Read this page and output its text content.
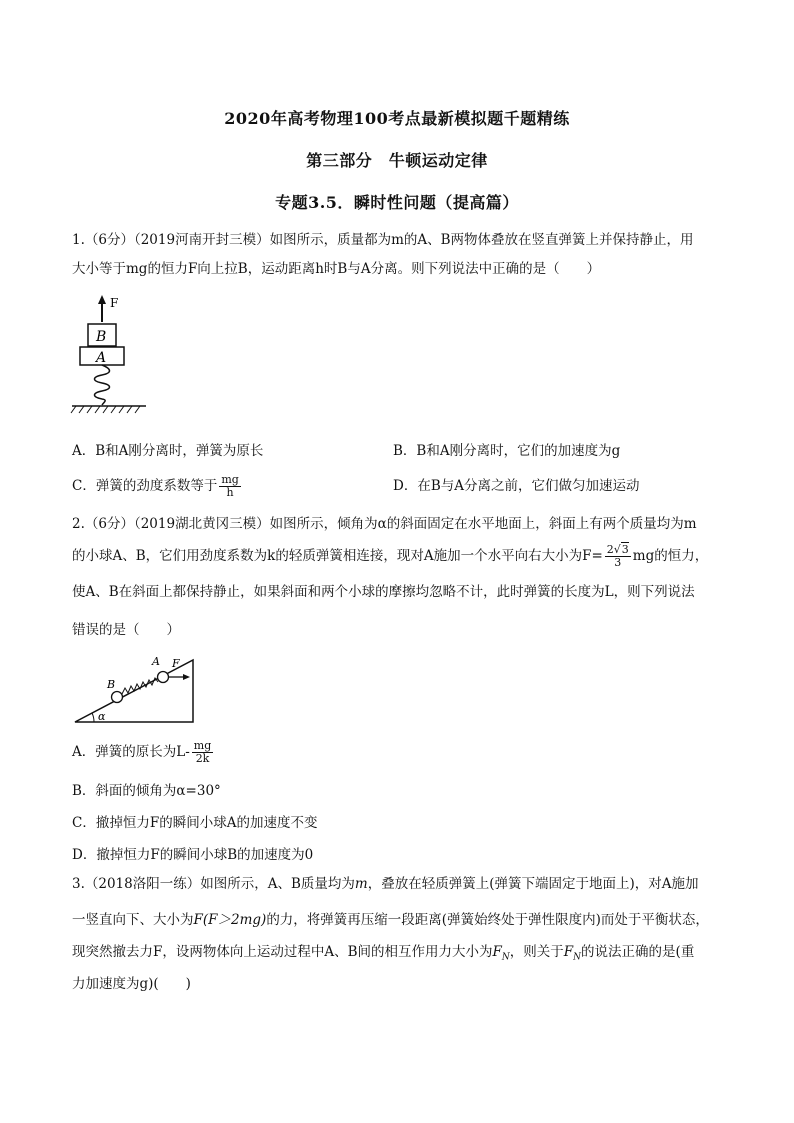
2020年高考物理100考点最新模拟题千题精练
第三部分　牛顿运动定律
专题3.5．瞬时性问题（提高篇）
1.（6分）（2019河南开封三模）如图所示，质量都为m的A、B两物体叠放在竖直弹簧上并保持静止，用
大小等于mg的恒力F向上拉B，运动距离h时B与A分离。则下列说法中正确的是（　　）
F
B
A
A．B和A刚分离时，弹簧为原长	B．B和A刚分离时，它们的加速度为g
C．弹簧的劲度系数等于 $\frac{mg}{h}$	D．在B与A分离之前，它们做匀加速运动
2.（6分）（2019湖北黄冈三模）如图所示，倾角为α的斜面固定在水平地面上，斜面上有两个质量均为m
的小球A、B，它们用劲度系数为k的轻质弹簧相连接，现对A施加一个水平向右大小为$F= \frac{2√3}{3}$ mg的恒力，
使A、B在斜面上都保持静止，如果斜面和两个小球的摩擦均忽略不计，此时弹簧的长度为L，则下列说法
错误的是（　　）
α
B
A F
A．弹簧的原长为$L- \frac{mg}{2k}$
B．斜面的倾角为α=30°
C．撤掉恒力F的瞬间小球A的加速度不变
D．撤掉恒力F的瞬间小球B的加速度为0
3.（2018洛阳一练）如图所示，A、B质量均为m，叠放在轻质弹簧上(弹簧下端固定于地面上)，对A施加
一竖直向下、大小为F(F＞2mg)的力，将弹簧再压缩一段距离(弹簧始终处于弹性限度内)而处于平衡状态，
现突然撤去力F，设两物体向上运动过程中A、B间的相互作用力大小为$F_N$，则关于$F_N$的说法正确的是(重
力加速度为g)(　　)
